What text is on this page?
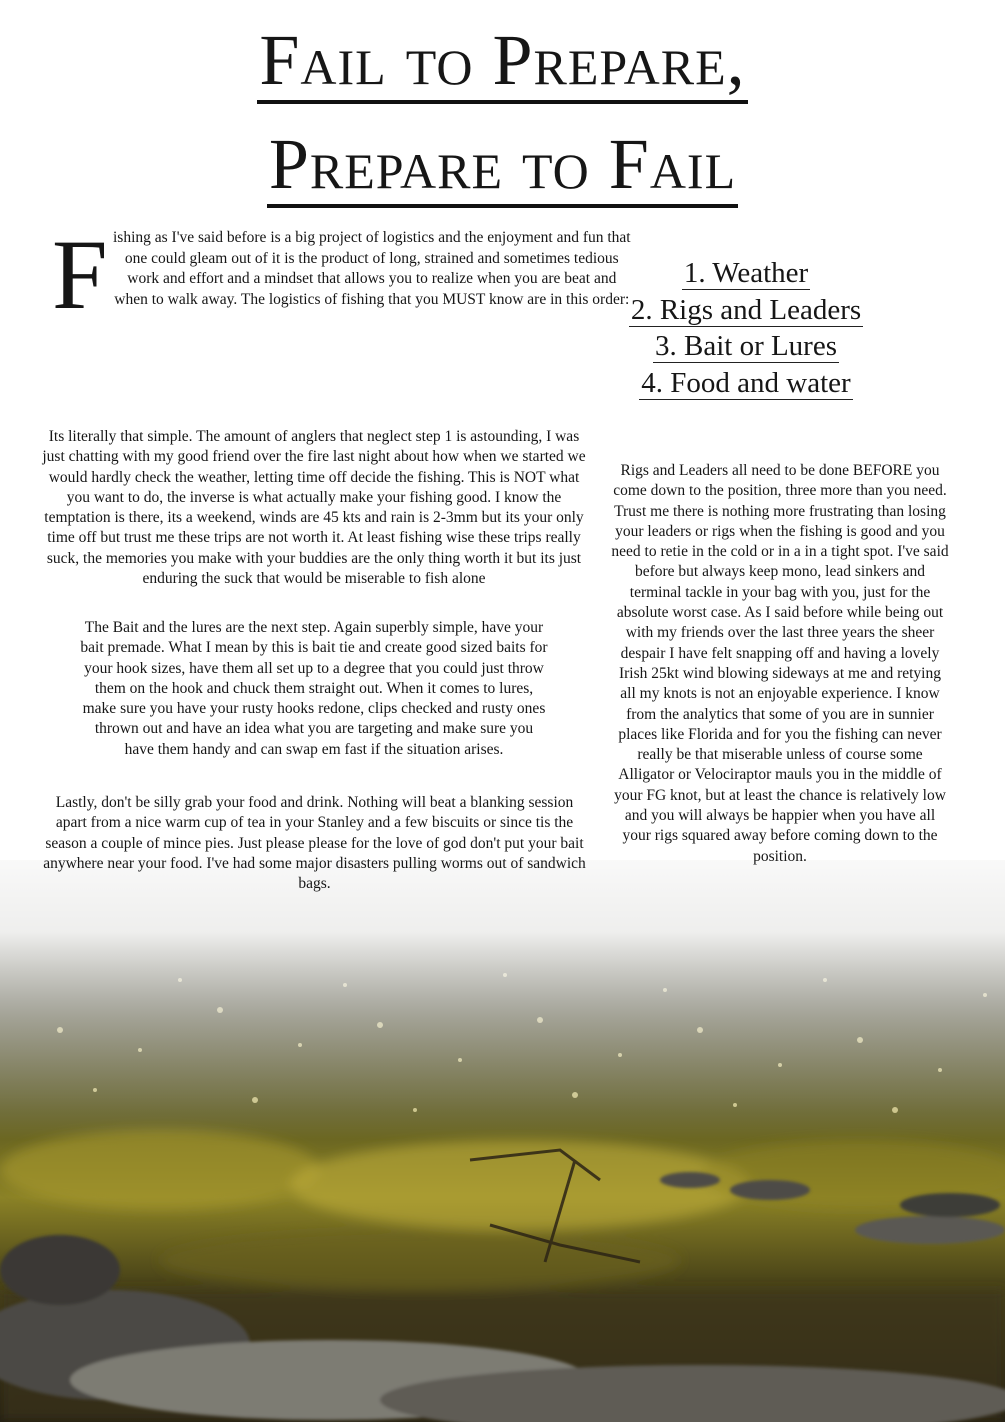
Fail to Prepare,
Prepare to Fail
F ishing as I've said before is a big project of logistics and the enjoyment and fun that one could gleam out of it is the product of long, strained and sometimes tedious work and effort and a mindset that allows you to realize when you are beat and when to walk away. The logistics of fishing that you MUST know are in this order:
1. Weather
2. Rigs and Leaders
3. Bait or Lures
4. Food and water

Its literally that simple. The amount of anglers that neglect step 1 is astounding, I was just chatting with my good friend over the fire last night about how when we started we would hardly check the weather, letting time off decide the fishing. This is NOT what you want to do, the inverse is what actually make your fishing good. I know the temptation is there, its a weekend, winds are 45 kts and rain is 2-3mm but its your only time off but trust me these trips are not worth it. At least fishing wise these trips really suck, the memories you make with your buddies are the only thing worth it but its just enduring the suck that would be miserable to fish alone

The Bait and the lures are the next step. Again superbly simple, have your bait premade. What I mean by this is bait tie and create good sized baits for your hook sizes, have them all set up to a degree that you could just throw them on the hook and chuck them straight out. When it comes to lures, make sure you have your rusty hooks redone, clips checked and rusty ones thrown out and have an idea what you are targeting and make sure you have them handy and can swap em fast if the situation arises.

Lastly, don't be silly grab your food and drink. Nothing will beat a blanking session apart from a nice warm cup of tea in your Stanley and a few biscuits or since tis the season a couple of mince pies. Just please please for the love of god don't put your bait anywhere near your food. I've had some major disasters pulling worms out of sandwich bags.

Rigs and Leaders all need to be done BEFORE you come down to the position, three more than you need. Trust me there is nothing more frustrating than losing your leaders or rigs when the fishing is good and you need to retie in the cold or in a in a tight spot. I've said before but always keep mono, lead sinkers and terminal tackle in your bag with you, just for the absolute worst case. As I said before while being out with my friends over the last three years the sheer despair I have felt snapping off and having a lovely Irish 25kt wind blowing sideways at me and retying all my knots is not an enjoyable experience. I know from the analytics that some of you are in sunnier places like Florida and for you the fishing can never really be that miserable unless of course some Alligator or Velociraptor mauls you in the middle of your FG knot, but at least the chance is relatively low and you will always be happier when you have all your rigs squared away before coming down to the position.
